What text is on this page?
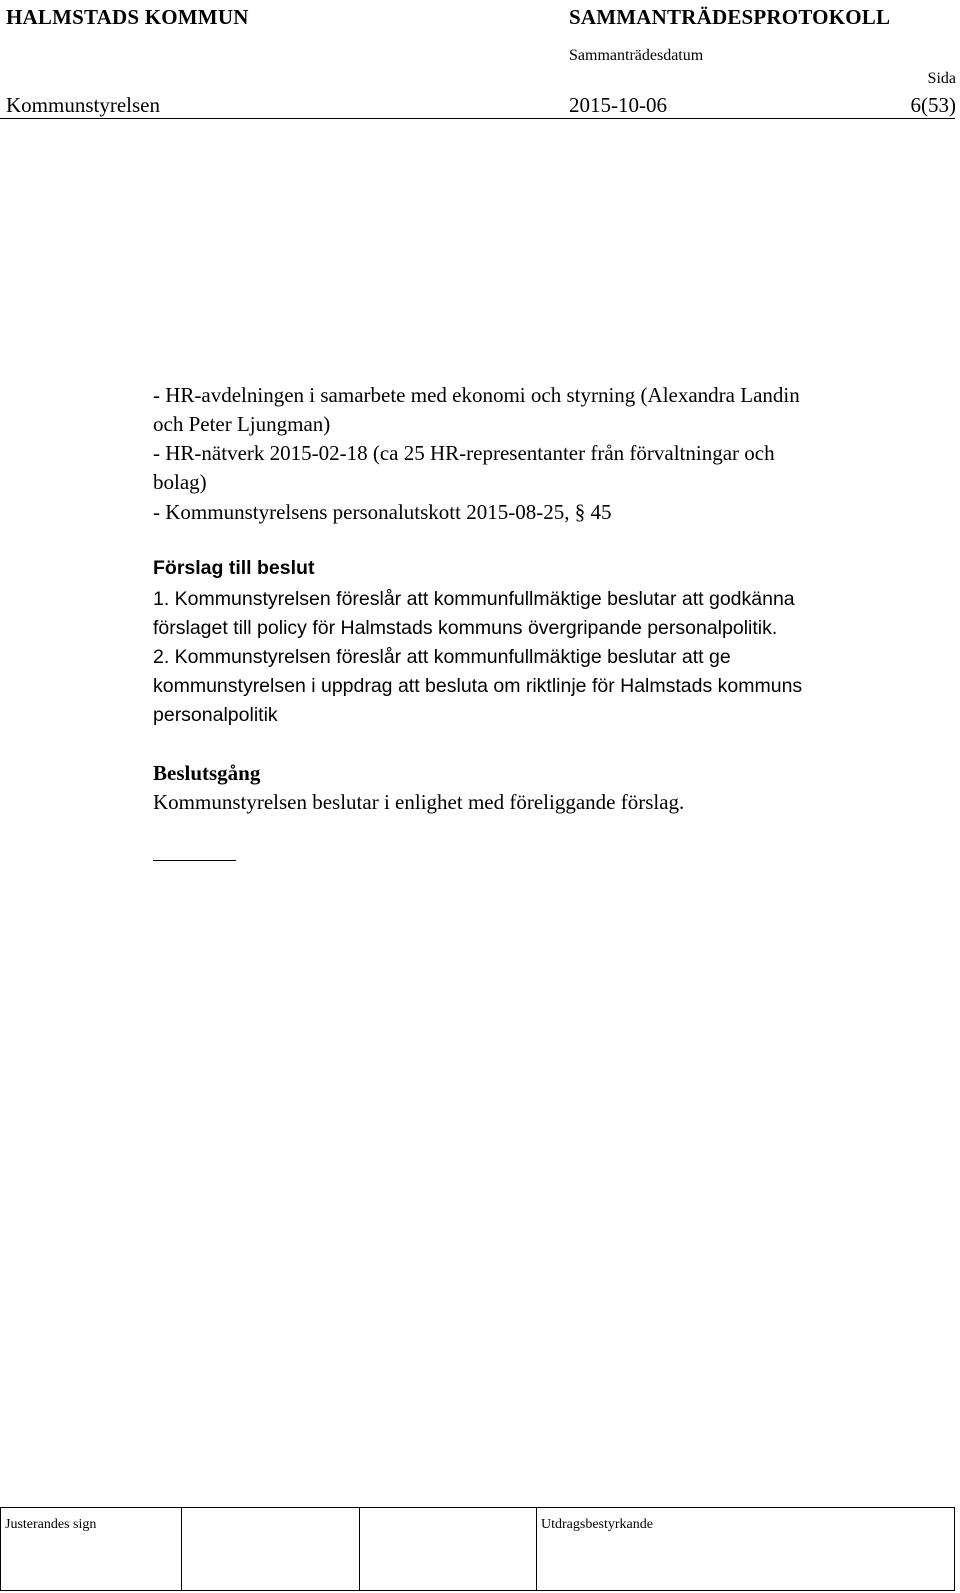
HALMSTADS KOMMUN	SAMMANTRÄDESPROTOKOLL
Sammanträdesdatum
Sida
Kommunstyrelsen	2015-10-06	6(53)
- HR-avdelningen i samarbete med ekonomi och styrning (Alexandra Landin
och Peter Ljungman)
- HR-nätverk 2015-02-18 (ca 25 HR-representanter från förvaltningar och
bolag)
- Kommunstyrelsens personalutskott 2015-08-25, § 45
Förslag till beslut
1. Kommunstyrelsen föreslår att kommunfullmäktige beslutar att godkänna
förslaget till policy för Halmstads kommuns övergripande personalpolitik.
2. Kommunstyrelsen föreslår att kommunfullmäktige beslutar att ge
kommunstyrelsen i uppdrag att besluta om riktlinje för Halmstads kommuns
personalpolitik
Beslutsgång
Kommunstyrelsen beslutar i enlighet med föreliggande förslag.
Justerandes sign	Utdragsbestyrkande
